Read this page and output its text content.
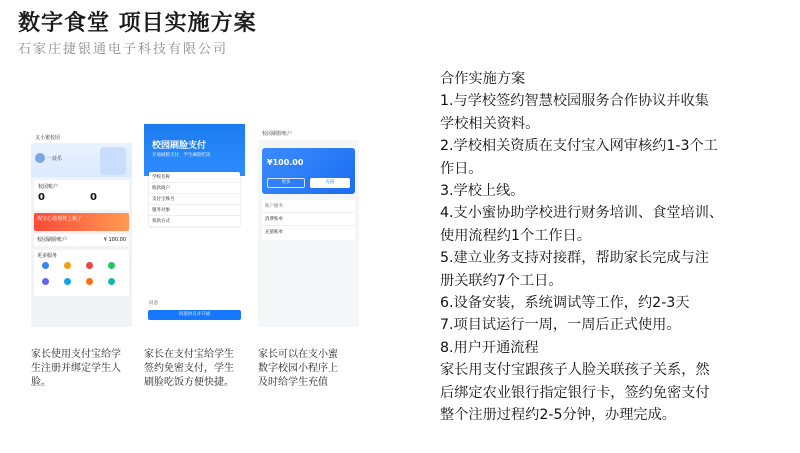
数字食堂 项目实施方案
石家庄捷银通电子科技有限公司
支小蜜校园
一晨乐
校园账户
0	0
淘宝心选椅凳上新了
校园刷脸账户	¥ 100.00
更多服务
校园刷脸支付
开通刷脸支付，学生刷脸吃饭
学校名称
收款商户
支付宝账号
服务对象
扣款方式
同意
同意协议并开通
校园刷脸账户
¥100.00
更多	充值
账户服务
消费账单
充值账单
家长使用支付宝给学
生注册并绑定学生人
脸。
家长在支付宝给学生
签约免密支付，学生
刷脸吃饭方便快捷。
家长可以在支小蜜
数字校园小程序上
及时给学生充值
合作实施方案
1.与学校签约智慧校园服务合作协议并收集
学校相关资料。
2.学校相关资质在支付宝入网审核约1-3个工
作日。
3.学校上线。
4.支小蜜协助学校进行财务培训、食堂培训、
使用流程约1个工作日。
5.建立业务支持对接群，帮助家长完成与注
册关联约7个工日。
6.设备安装，系统调试等工作，约2-3天
7.项目试运行一周，一周后正式使用。
8.用户开通流程
家长用支付宝跟孩子人脸关联孩子关系，然
后绑定农业银行指定银行卡，签约免密支付
整个注册过程约2-5分钟，办理完成。
